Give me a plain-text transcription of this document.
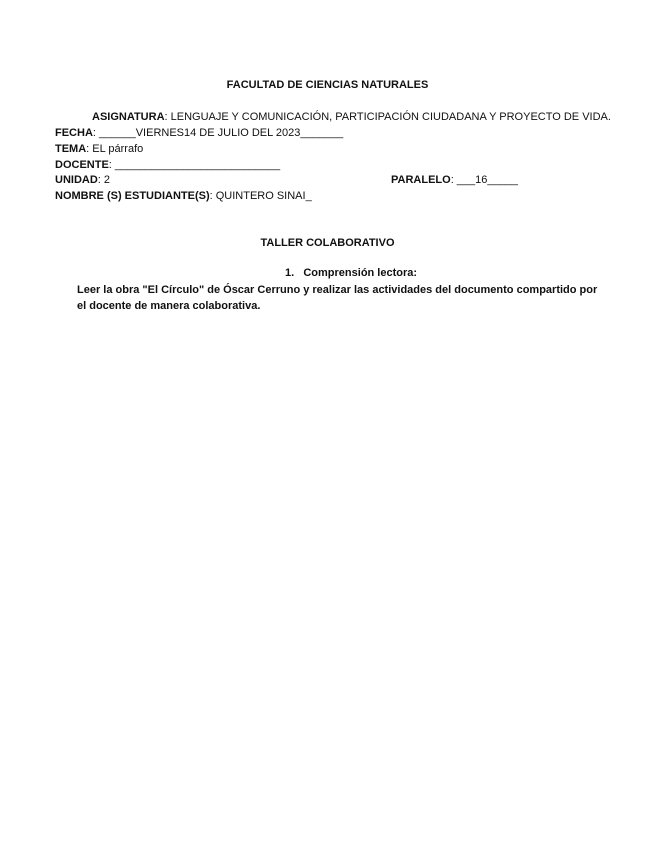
FACULTAD DE CIENCIAS NATURALES
ASIGNATURA: LENGUAJE Y COMUNICACIÓN, PARTICIPACIÓN CIUDADANA Y PROYECTO DE VIDA.
FECHA: ______VIERNES14 DE JULIO DEL 2023_______
TEMA: EL párrafo
DOCENTE: ___________________________
UNIDAD: 2	PARALELO: ___16_____
NOMBRE (S) ESTUDIANTE(S): QUINTERO SINAI_
TALLER COLABORATIVO
1. Comprensión lectora:
Leer la obra "El Círculo" de Óscar Cerruno y realizar las actividades del documento compartido por
el docente de manera colaborativa.
